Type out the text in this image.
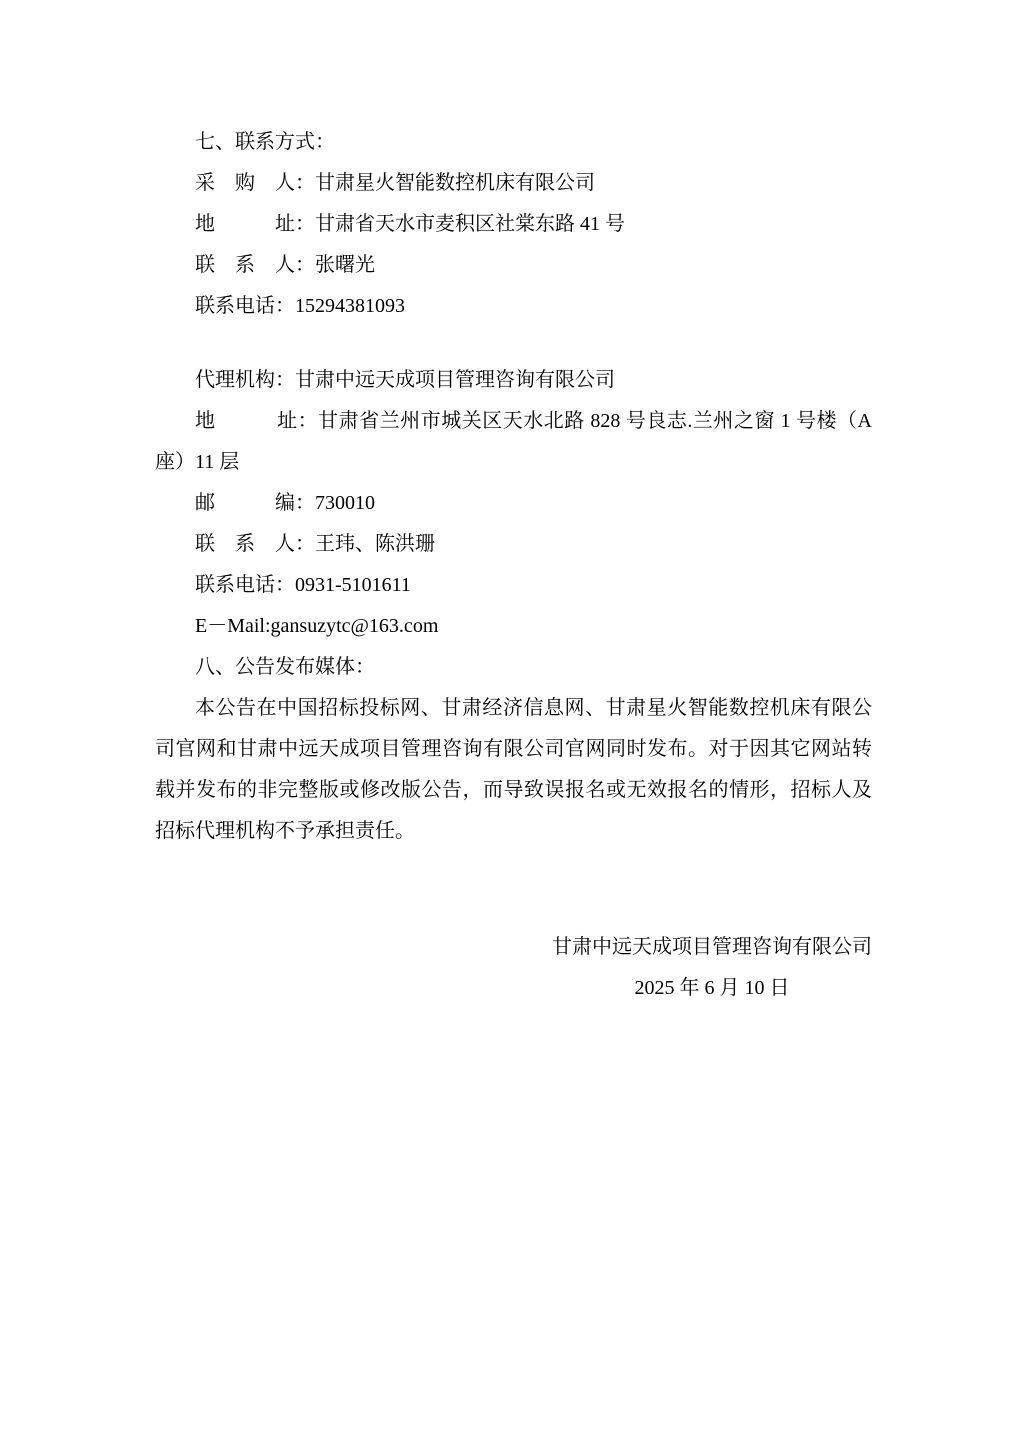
七、联系方式：

采　购　人：甘肃星火智能数控机床有限公司

地　　　址：甘肃省天水市麦积区社棠东路 41 号

联　系　人：张曙光

联系电话：15294381093

代理机构：甘肃中远天成项目管理咨询有限公司

地　　　址：甘肃省兰州市城关区天水北路 828 号良志.兰州之窗 1 号楼（A座）11 层

邮　　　编：730010

联　系　人：王玮、陈洪珊

联系电话：0931-5101611

E－Mail:gansuzytc@163.com

八、公告发布媒体：

本公告在中国招标投标网、甘肃经济信息网、甘肃星火智能数控机床有限公司官网和甘肃中远天成项目管理咨询有限公司官网同时发布。对于因其它网站转载并发布的非完整版或修改版公告，而导致误报名或无效报名的情形，招标人及招标代理机构不予承担责任。

甘肃中远天成项目管理咨询有限公司

2025 年 6 月 10 日
